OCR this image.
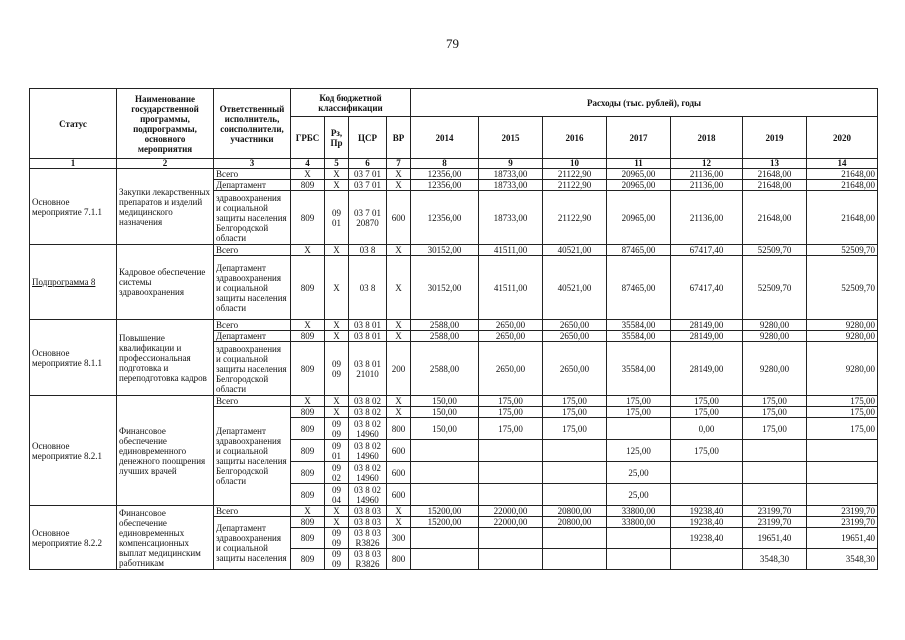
79
Статус	Наименование государственной программы, подпрограммы, основного мероприятия	Ответственный исполнитель, соисполнители, участники	Код бюджетной классификации				Расходы (тыс. рублей), годы						
			ГРБС	Рз, Пр	ЦСР	ВР	2014	2015	2016	2017	2018	2019	2020
1	2	3	4	5	6	7	8	9	10	11	12	13	14
Основное мероприятие 7.1.1	Закупки лекарственных препаратов и изделий медицинского назначения	Всего	Х	Х	03 7 01	Х	12356,00	18733,00	21122,90	20965,00	21136,00	21648,00	21648,00
		Департамент	809	Х	03 7 01	Х	12356,00	18733,00	21122,90	20965,00	21136,00	21648,00	21648,00
		здравоохранения и социальной защиты населения Белгородской области	809	09 01	03 7 01 20870	600	12356,00	18733,00	21122,90	20965,00	21136,00	21648,00	21648,00
Подпрограмма 8	Кадровое обеспечение системы здравоохранения	Всего	Х	Х	03 8	Х	30152,00	41511,00	40521,00	87465,00	67417,40	52509,70	52509,70
		Департамент здравоохранения и социальной защиты населения области	809	Х	03 8	Х	30152,00	41511,00	40521,00	87465,00	67417,40	52509,70	52509,70
Основное мероприятие 8.1.1	Повышение квалификации и профессиональная подготовка и переподготовка кадров	Всего	Х	Х	03 8 01	Х	2588,00	2650,00	2650,00	35584,00	28149,00	9280,00	9280,00
		Департамент	809	Х	03 8 01	Х	2588,00	2650,00	2650,00	35584,00	28149,00	9280,00	9280,00
		здравоохранения и социальной защиты населения Белгородской области	809	09 09	03 8 01 21010	200	2588,00	2650,00	2650,00	35584,00	28149,00	9280,00	9280,00
Основное мероприятие 8.2.1	Финансовое обеспечение единовременного денежного поощрения лучших врачей	Всего	Х	Х	03 8 02	Х	150,00	175,00	175,00	175,00	175,00	175,00	175,00
		Департамент здравоохранения и социальной защиты населения Белгородской области	809	Х	03 8 02	Х	150,00	175,00	175,00	175,00	175,00	175,00	175,00
			809	09 09	03 8 02 14960	800	150,00	175,00	175,00		0,00	175,00	175,00
			809	09 01	03 8 02 14960	600				125,00	175,00		
			809	09 02	03 8 02 14960	600				25,00			
			809	09 04	03 8 02 14960	600				25,00			
Основное мероприятие 8.2.2	Финансовое обеспечение единовременных компенсационных выплат медицинским работникам	Всего	Х	Х	03 8 03	Х	15200,00	22000,00	20800,00	33800,00	19238,40	23199,70	23199,70
		Департамент здравоохранения и социальной защиты населения	809	Х	03 8 03	Х	15200,00	22000,00	20800,00	33800,00	19238,40	23199,70	23199,70
			809	09 09	03 8 03 R3826	300					19238,40	19651,40	19651,40
			809	09 09	03 8 03 R3826	800						3548,30	3548,30
